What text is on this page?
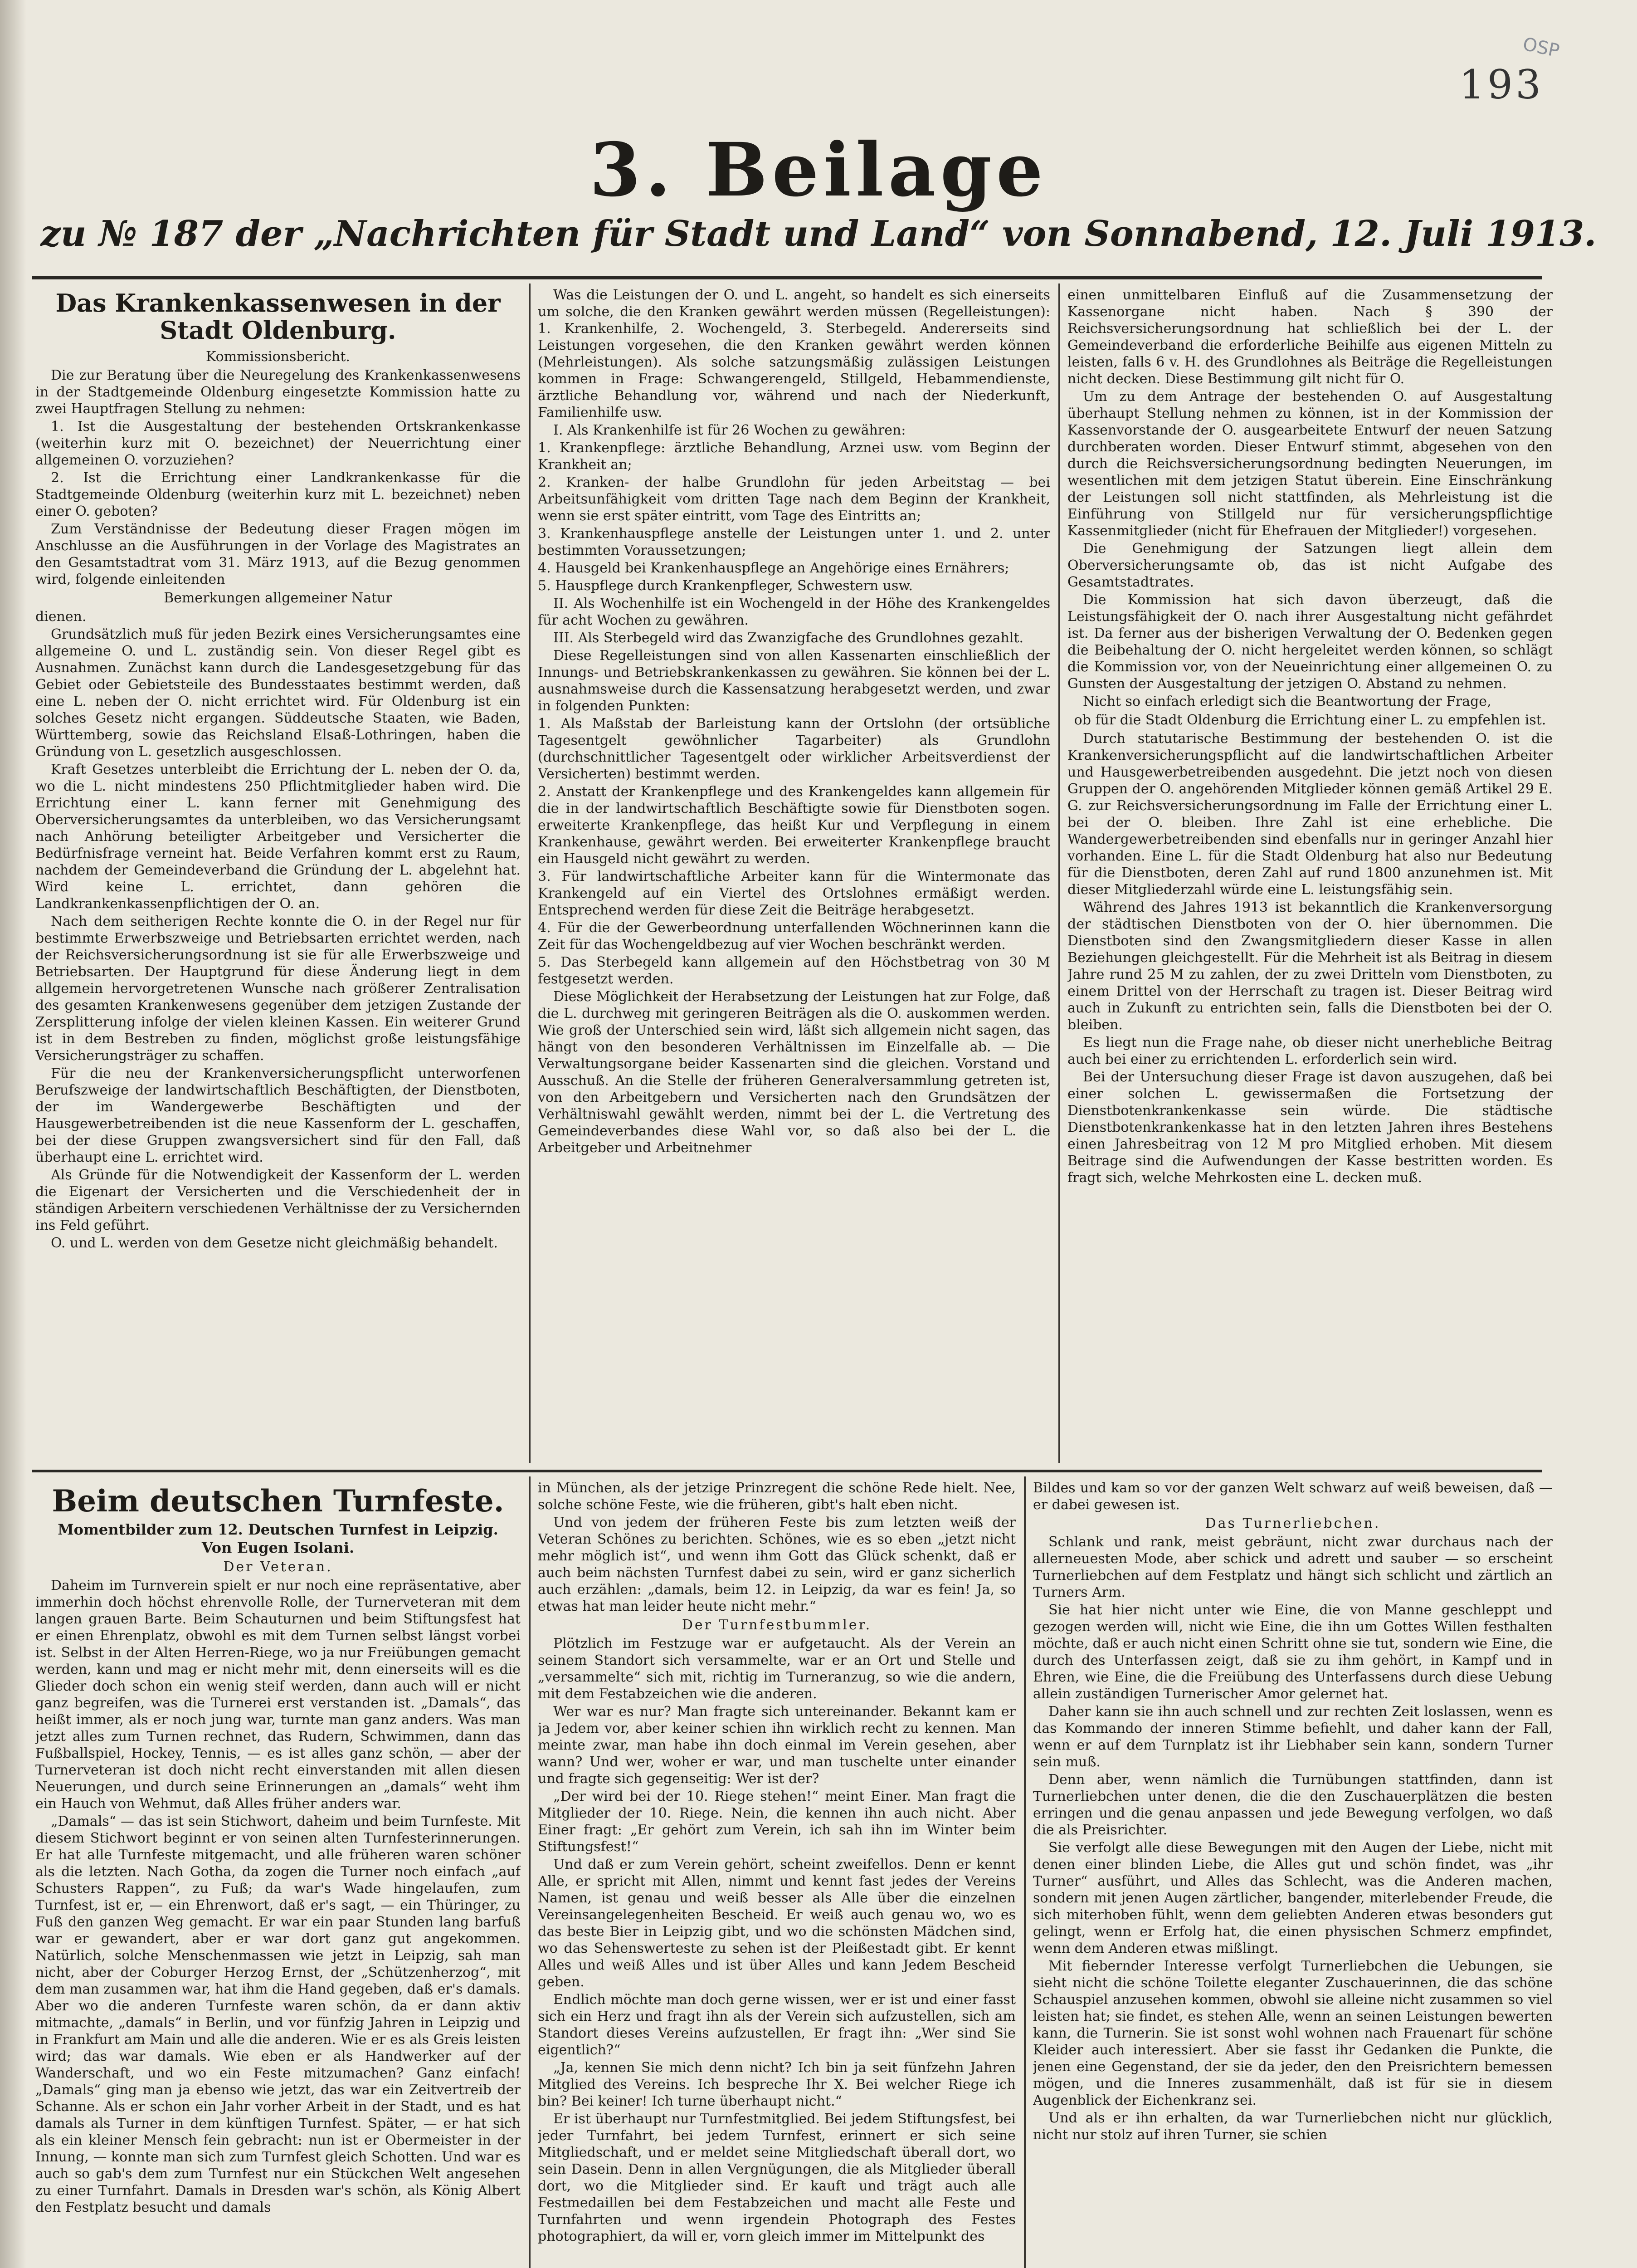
OSP
193
3. Beilage
zu № 187 der „Nachrichten für Stadt und Land“ von Sonnabend, 12. Juli 1913.
Das Krankenkassenwesen in der Stadt Oldenburg.
Kommissionsbericht.

Die zur Beratung über die Neuregelung des Krankenkassenwesens in der Stadtgemeinde Oldenburg eingesetzte Kommission hatte zu zwei Hauptfragen Stellung zu nehmen:

1. Ist die Ausgestaltung der bestehenden Ortskrankenkasse (weiterhin kurz mit O. bezeichnet) der Neuerrichtung einer allgemeinen O. vorzuziehen?

2. Ist die Errichtung einer Landkrankenkasse für die Stadtgemeinde Oldenburg (weiterhin kurz mit L. bezeichnet) neben einer O. geboten?

Zum Verständnisse der Bedeutung dieser Fragen mögen im Anschlusse an die Ausführungen in der Vorlage des Magistrates an den Gesamtstadtrat vom 31. März 1913, auf die Bezug genommen wird, folgende einleitenden

Bemerkungen allgemeiner Natur

dienen.

Grundsätzlich muß für jeden Bezirk eines Versicherungsamtes eine allgemeine O. und L. zuständig sein. Von dieser Regel gibt es Ausnahmen. Zunächst kann durch die Landesgesetzgebung für das Gebiet oder Gebietsteile des Bundesstaates bestimmt werden, daß eine L. neben der O. nicht errichtet wird. Für Oldenburg ist ein solches Gesetz nicht ergangen. Süddeutsche Staaten, wie Baden, Württemberg, sowie das Reichsland Elsaß-Lothringen, haben die Gründung von L. gesetzlich ausgeschlossen.

Kraft Gesetzes unterbleibt die Errichtung der L. neben der O. da, wo die L. nicht mindestens 250 Pflichtmitglieder haben wird. Die Errichtung einer L. kann ferner mit Genehmigung des Oberversicherungsamtes da unterbleiben, wo das Versicherungsamt nach Anhörung beteiligter Arbeitgeber und Versicherter die Bedürfnisfrage verneint hat. Beide Verfahren kommt erst zu Raum, nachdem der Gemeindeverband die Gründung der L. abgelehnt hat. Wird keine L. errichtet, dann gehören die Landkrankenkassenpflichtigen der O. an.

Nach dem seitherigen Rechte konnte die O. in der Regel nur für bestimmte Erwerbszweige und Betriebsarten errichtet werden, nach der Reichsversicherungsordnung ist sie für alle Erwerbszweige und Betriebsarten. Der Hauptgrund für diese Änderung liegt in dem allgemein hervorgetretenen Wunsche nach größerer Zentralisation des gesamten Krankenwesens gegenüber dem jetzigen Zustande der Zersplitterung infolge der vielen kleinen Kassen. Ein weiterer Grund ist in dem Bestreben zu finden, möglichst große leistungsfähige Versicherungsträger zu schaffen.

Für die neu der Krankenversicherungspflicht unterworfenen Berufszweige der landwirtschaftlich Beschäftigten, der Dienstboten, der im Wandergewerbe Beschäftigten und der Hausgewerbetreibenden ist die neue Kassenform der L. geschaffen, bei der diese Gruppen zwangsversichert sind für den Fall, daß überhaupt eine L. errichtet wird.

Als Gründe für die Notwendigkeit der Kassenform der L. werden die Eigenart der Versicherten und die Verschiedenheit der in ständigen Arbeitern verschiedenen Verhältnisse der zu Versichernden ins Feld geführt.

O. und L. werden von dem Gesetze nicht gleichmäßig behandelt.

Was die Leistungen der O. und L. angeht, so handelt es sich einerseits um solche, die den Kranken gewährt werden müssen (Regelleistungen): 1. Krankenhilfe, 2. Wochengeld, 3. Sterbegeld. Andererseits sind Leistungen vorgesehen, die den Kranken gewährt werden können (Mehrleistungen). Als solche satzungsmäßig zulässigen Leistungen kommen in Frage: Schwangerengeld, Stillgeld, Hebammendienste, ärztliche Behandlung vor, während und nach der Niederkunft, Familienhilfe usw.

I. Als Krankenhilfe ist für 26 Wochen zu gewähren:

1. Krankenpflege: ärztliche Behandlung, Arznei usw. vom Beginn der Krankheit an;

2. Kranken- der halbe Grundlohn für jeden Arbeitstag — bei Arbeitsunfähigkeit vom dritten Tage nach dem Beginn der Krankheit, wenn sie erst später eintritt, vom Tage des Eintritts an;

3. Krankenhauspflege anstelle der Leistungen unter 1. und 2. unter bestimmten Voraussetzungen;

4. Hausgeld bei Krankenhauspflege an Angehörige eines Ernährers;

5. Hauspflege durch Krankenpfleger, Schwestern usw.

II. Als Wochenhilfe ist ein Wochengeld in der Höhe des Krankengeldes für acht Wochen zu gewähren.

III. Als Sterbegeld wird das Zwanzigfache des Grundlohnes gezahlt.

Diese Regelleistungen sind von allen Kassenarten einschließlich der Innungs- und Betriebskrankenkassen zu gewähren. Sie können bei der L. ausnahmsweise durch die Kassensatzung herabgesetzt werden, und zwar in folgenden Punkten:

1. Als Maßstab der Barleistung kann der Ortslohn (der ortsübliche Tagesentgelt gewöhnlicher Tagarbeiter) als Grundlohn (durchschnittlicher Tagesentgelt oder wirklicher Arbeitsverdienst der Versicherten) bestimmt werden.

2. Anstatt der Krankenpflege und des Krankengeldes kann allgemein für die in der landwirtschaftlich Beschäftigte sowie für Dienstboten sogen. erweiterte Krankenpflege, das heißt Kur und Verpflegung in einem Krankenhause, gewährt werden. Bei erweiterter Krankenpflege braucht ein Hausgeld nicht gewährt zu werden.

3. Für landwirtschaftliche Arbeiter kann für die Wintermonate das Krankengeld auf ein Viertel des Ortslohnes ermäßigt werden. Entsprechend werden für diese Zeit die Beiträge herabgesetzt.

4. Für die der Gewerbeordnung unterfallenden Wöchnerinnen kann die Zeit für das Wochengeldbezug auf vier Wochen beschränkt werden.

5. Das Sterbegeld kann allgemein auf den Höchstbetrag von 30 M festgesetzt werden.

Diese Möglichkeit der Herabsetzung der Leistungen hat zur Folge, daß die L. durchweg mit geringeren Beiträgen als die O. auskommen werden. Wie groß der Unterschied sein wird, läßt sich allgemein nicht sagen, das hängt von den besonderen Verhältnissen im Einzelfalle ab. — Die Verwaltungsorgane beider Kassenarten sind die gleichen. Vorstand und Ausschuß. An die Stelle der früheren Generalversammlung getreten ist, von den Arbeitgebern und Versicherten nach den Grundsätzen der Verhältniswahl gewählt werden, nimmt bei der L. die Vertretung des Gemeindeverbandes diese Wahl vor, so daß also bei der L. die Arbeitgeber und Arbeitnehmer

einen unmittelbaren Einfluß auf die Zusammensetzung der Kassenorgane nicht haben. Nach § 390 der Reichsversicherungsordnung hat schließlich bei der L. der Gemeindeverband die erforderliche Beihilfe aus eigenen Mitteln zu leisten, falls 6 v. H. des Grundlohnes als Beiträge die Regelleistungen nicht decken. Diese Bestimmung gilt nicht für O.

Um zu dem Antrage der bestehenden O. auf Ausgestaltung überhaupt Stellung nehmen zu können, ist in der Kommission der Kassenvorstande der O. ausgearbeitete Entwurf der neuen Satzung durchberaten worden. Dieser Entwurf stimmt, abgesehen von den durch die Reichsversicherungsordnung bedingten Neuerungen, im wesentlichen mit dem jetzigen Statut überein. Eine Einschränkung der Leistungen soll nicht stattfinden, als Mehrleistung ist die Einführung von Stillgeld nur für versicherungspflichtige Kassenmitglieder (nicht für Ehefrauen der Mitglieder!) vorgesehen.

Die Genehmigung der Satzungen liegt allein dem Oberversicherungsamte ob, das ist nicht Aufgabe des Gesamtstadtrates.

Die Kommission hat sich davon überzeugt, daß die Leistungsfähigkeit der O. nach ihrer Ausgestaltung nicht gefährdet ist. Da ferner aus der bisherigen Verwaltung der O. Bedenken gegen die Beibehaltung der O. nicht hergeleitet werden können, so schlägt die Kommission vor, von der Neueinrichtung einer allgemeinen O. zu Gunsten der Ausgestaltung der jetzigen O. Abstand zu nehmen.

Nicht so einfach erledigt sich die Beantwortung der Frage,

ob für die Stadt Oldenburg die Errichtung einer L. zu empfehlen ist.

Durch statutarische Bestimmung der bestehenden O. ist die Krankenversicherungspflicht auf die landwirtschaftlichen Arbeiter und Hausgewerbetreibenden ausgedehnt. Die jetzt noch von diesen Gruppen der O. angehörenden Mitglieder können gemäß Artikel 29 E. G. zur Reichsversicherungsordnung im Falle der Errichtung einer L. bei der O. bleiben. Ihre Zahl ist eine erhebliche. Die Wandergewerbetreibenden sind ebenfalls nur in geringer Anzahl hier vorhanden. Eine L. für die Stadt Oldenburg hat also nur Bedeutung für die Dienstboten, deren Zahl auf rund 1800 anzunehmen ist. Mit dieser Mitgliederzahl würde eine L. leistungsfähig sein.

Während des Jahres 1913 ist bekanntlich die Krankenversorgung der städtischen Dienstboten von der O. hier übernommen. Die Dienstboten sind den Zwangsmitgliedern dieser Kasse in allen Beziehungen gleichgestellt. Für die Mehrheit ist als Beitrag in diesem Jahre rund 25 M zu zahlen, der zu zwei Dritteln vom Dienstboten, zu einem Drittel von der Herrschaft zu tragen ist. Dieser Beitrag wird auch in Zukunft zu entrichten sein, falls die Dienstboten bei der O. bleiben.

Es liegt nun die Frage nahe, ob dieser nicht unerhebliche Beitrag auch bei einer zu errichtenden L. erforderlich sein wird.

Bei der Untersuchung dieser Frage ist davon auszugehen, daß bei einer solchen L. gewissermaßen die Fortsetzung der Dienstbotenkrankenkasse sein würde. Die städtische Dienstbotenkrankenkasse hat in den letzten Jahren ihres Bestehens einen Jahresbeitrag von 12 M pro Mitglied erhoben. Mit diesem Beitrage sind die Aufwendungen der Kasse bestritten worden. Es fragt sich, welche Mehrkosten eine L. decken muß.

Beim deutschen Turnfeste.
Momentbilder zum 12. Deutschen Turnfest in Leipzig.
Von Eugen Isolani.
Der Veteran.

Daheim im Turnverein spielt er nur noch eine repräsentative, aber immerhin doch höchst ehrenvolle Rolle, der Turnerveteran mit dem langen grauen Barte. Beim Schauturnen und beim Stiftungsfest hat er einen Ehrenplatz, obwohl es mit dem Turnen selbst längst vorbei ist. Selbst in der Alten Herren-Riege, wo ja nur Freiübungen gemacht werden, kann und mag er nicht mehr mit, denn einerseits will es die Glieder doch schon ein wenig steif werden, dann auch will er nicht ganz begreifen, was die Turnerei erst verstanden ist. „Damals“, das heißt immer, als er noch jung war, turnte man ganz anders. Was man jetzt alles zum Turnen rechnet, das Rudern, Schwimmen, dann das Fußballspiel, Hockey, Tennis, — es ist alles ganz schön, — aber der Turnerveteran ist doch nicht recht einverstanden mit allen diesen Neuerungen, und durch seine Erinnerungen an „damals“ weht ihm ein Hauch von Wehmut, daß Alles früher anders war.

„Damals“ — das ist sein Stichwort, daheim und beim Turnfeste. Mit diesem Stichwort beginnt er von seinen alten Turnfesterinnerungen. Er hat alle Turnfeste mitgemacht, und alle früheren waren schöner als die letzten. Nach Gotha, da zogen die Turner noch einfach „auf Schusters Rappen“, zu Fuß; da war's Wade hingelaufen, zum Turnfest, ist er, — ein Ehrenwort, daß er's sagt, — ein Thüringer, zu Fuß den ganzen Weg gemacht. Er war ein paar Stunden lang barfuß war er gewandert, aber er war dort ganz gut angekommen. Natürlich, solche Menschenmassen wie jetzt in Leipzig, sah man nicht, aber der Coburger Herzog Ernst, der „Schützenherzog“, mit dem man zusammen war, hat ihm die Hand gegeben, daß er's damals. Aber wo die anderen Turnfeste waren schön, da er dann aktiv mitmachte, „damals“ in Berlin, und vor fünfzig Jahren in Leipzig und in Frankfurt am Main und alle die anderen. Wie er es als Greis leisten wird; das war damals. Wie eben er als Handwerker auf der Wanderschaft, und wo ein Feste mitzumachen? Ganz einfach! „Damals“ ging man ja ebenso wie jetzt, das war ein Zeitvertreib der Schanne. Als er schon ein Jahr vorher Arbeit in der Stadt, und es hat damals als Turner in dem künftigen Turnfest. Später, — er hat sich als ein kleiner Mensch fein gebracht: nun ist er Obermeister in der Innung, — konnte man sich zum Turnfest gleich Schotten. Und war es auch so gab's dem zum Turnfest nur ein Stückchen Welt angesehen zu einer Turnfahrt. Damals in Dresden war's schön, als König Albert den Festplatz besucht und damals

in München, als der jetzige Prinzregent die schöne Rede hielt. Nee, solche schöne Feste, wie die früheren, gibt's halt eben nicht.

Und von jedem der früheren Feste bis zum letzten weiß der Veteran Schönes zu berichten. Schönes, wie es so eben „jetzt nicht mehr möglich ist“, und wenn ihm Gott das Glück schenkt, daß er auch beim nächsten Turnfest dabei zu sein, wird er ganz sicherlich auch erzählen: „damals, beim 12. in Leipzig, da war es fein! Ja, so etwas hat man leider heute nicht mehr.“

Der Turnfestbummler.

Plötzlich im Festzuge war er aufgetaucht. Als der Verein an seinem Standort sich versammelte, war er an Ort und Stelle und „versammelte“ sich mit, richtig im Turneranzug, so wie die andern, mit dem Festabzeichen wie die anderen.

Wer war es nur? Man fragte sich untereinander. Bekannt kam er ja Jedem vor, aber keiner schien ihn wirklich recht zu kennen. Man meinte zwar, man habe ihn doch einmal im Verein gesehen, aber wann? Und wer, woher er war, und man tuschelte unter einander und fragte sich gegenseitig: Wer ist der?

„Der wird bei der 10. Riege stehen!“ meint Einer. Man fragt die Mitglieder der 10. Riege. Nein, die kennen ihn auch nicht. Aber Einer fragt: „Er gehört zum Verein, ich sah ihn im Winter beim Stiftungsfest!“

Und daß er zum Verein gehört, scheint zweifellos. Denn er kennt Alle, er spricht mit Allen, nimmt und kennt fast jedes der Vereins Namen, ist genau und weiß besser als Alle über die einzelnen Vereinsangelegenheiten Bescheid. Er weiß auch genau wo, wo es das beste Bier in Leipzig gibt, und wo die schönsten Mädchen sind, wo das Sehenswerteste zu sehen ist der Pleißestadt gibt. Er kennt Alles und weiß Alles und ist über Alles und kann Jedem Bescheid geben.

Endlich möchte man doch gerne wissen, wer er ist und einer fasst sich ein Herz und fragt ihn als der Verein sich aufzustellen, sich am Standort dieses Vereins aufzustellen, Er fragt ihn: „Wer sind Sie eigentlich?“

„Ja, kennen Sie mich denn nicht? Ich bin ja seit fünfzehn Jahren Mitglied des Vereins. Ich bespreche Ihr X. Bei welcher Riege ich bin? Bei keiner! Ich turne überhaupt nicht.“

Er ist überhaupt nur Turnfestmitglied. Bei jedem Stiftungsfest, bei jeder Turnfahrt, bei jedem Turnfest, erinnert er sich seine Mitgliedschaft, und er meldet seine Mitgliedschaft überall dort, wo sein Dasein. Denn in allen Vergnügungen, die als Mitglieder überall dort, wo die Mitglieder sind. Er kauft und trägt auch alle Festmedaillen bei dem Festabzeichen und macht alle Feste und Turnfahrten und wenn irgendein Photograph des Festes photographiert, da will er, vorn gleich immer im Mittelpunkt des

Bildes und kam so vor der ganzen Welt schwarz auf weiß beweisen, daß — er dabei gewesen ist.

Das Turnerliebchen.

Schlank und rank, meist gebräunt, nicht zwar durchaus nach der allerneuesten Mode, aber schick und adrett und sauber — so erscheint Turnerliebchen auf dem Festplatz und hängt sich schlicht und zärtlich an Turners Arm.

Sie hat hier nicht unter wie Eine, die von Manne geschleppt und gezogen werden will, nicht wie Eine, die ihn um Gottes Willen festhalten möchte, daß er auch nicht einen Schritt ohne sie tut, sondern wie Eine, die durch des Unterfassen zeigt, daß sie zu ihm gehört, in Kampf und in Ehren, wie Eine, die die Freiübung des Unterfassens durch diese Uebung allein zuständigen Turnerischer Amor gelernet hat.

Daher kann sie ihn auch schnell und zur rechten Zeit loslassen, wenn es das Kommando der inneren Stimme befiehlt, und daher kann der Fall, wenn er auf dem Turnplatz ist ihr Liebhaber sein kann, sondern Turner sein muß.

Denn aber, wenn nämlich die Turnübungen stattfinden, dann ist Turnerliebchen unter denen, die die den Zuschauerplätzen die besten erringen und die genau anpassen und jede Bewegung verfolgen, wo daß die als Preisrichter.

Sie verfolgt alle diese Bewegungen mit den Augen der Liebe, nicht mit denen einer blinden Liebe, die Alles gut und schön findet, was „ihr Turner“ ausführt, und Alles das Schlecht, was die Anderen machen, sondern mit jenen Augen zärtlicher, bangender, miterlebender Freude, die sich miterhoben fühlt, wenn dem geliebten Anderen etwas besonders gut gelingt, wenn er Erfolg hat, die einen physischen Schmerz empfindet, wenn dem Anderen etwas mißlingt.

Mit fiebernder Interesse verfolgt Turnerliebchen die Uebungen, sie sieht nicht die schöne Toilette eleganter Zuschauerinnen, die das schöne Schauspiel anzusehen kommen, obwohl sie alleine nicht zusammen so viel leisten hat; sie findet, es stehen Alle, wenn an seinen Leistungen bewerten kann, die Turnerin. Sie ist sonst wohl wohnen nach Frauenart für schöne Kleider auch interessiert. Aber sie fasst ihr Gedanken die Punkte, die jenen eine Gegenstand, der sie da jeder, den den Preisrichtern bemessen mögen, und die Inneres zusammenhält, daß ist für sie in diesem Augenblick der Eichenkranz sei.

Und als er ihn erhalten, da war Turnerliebchen nicht nur glücklich, nicht nur stolz auf ihren Turner, sie schien
